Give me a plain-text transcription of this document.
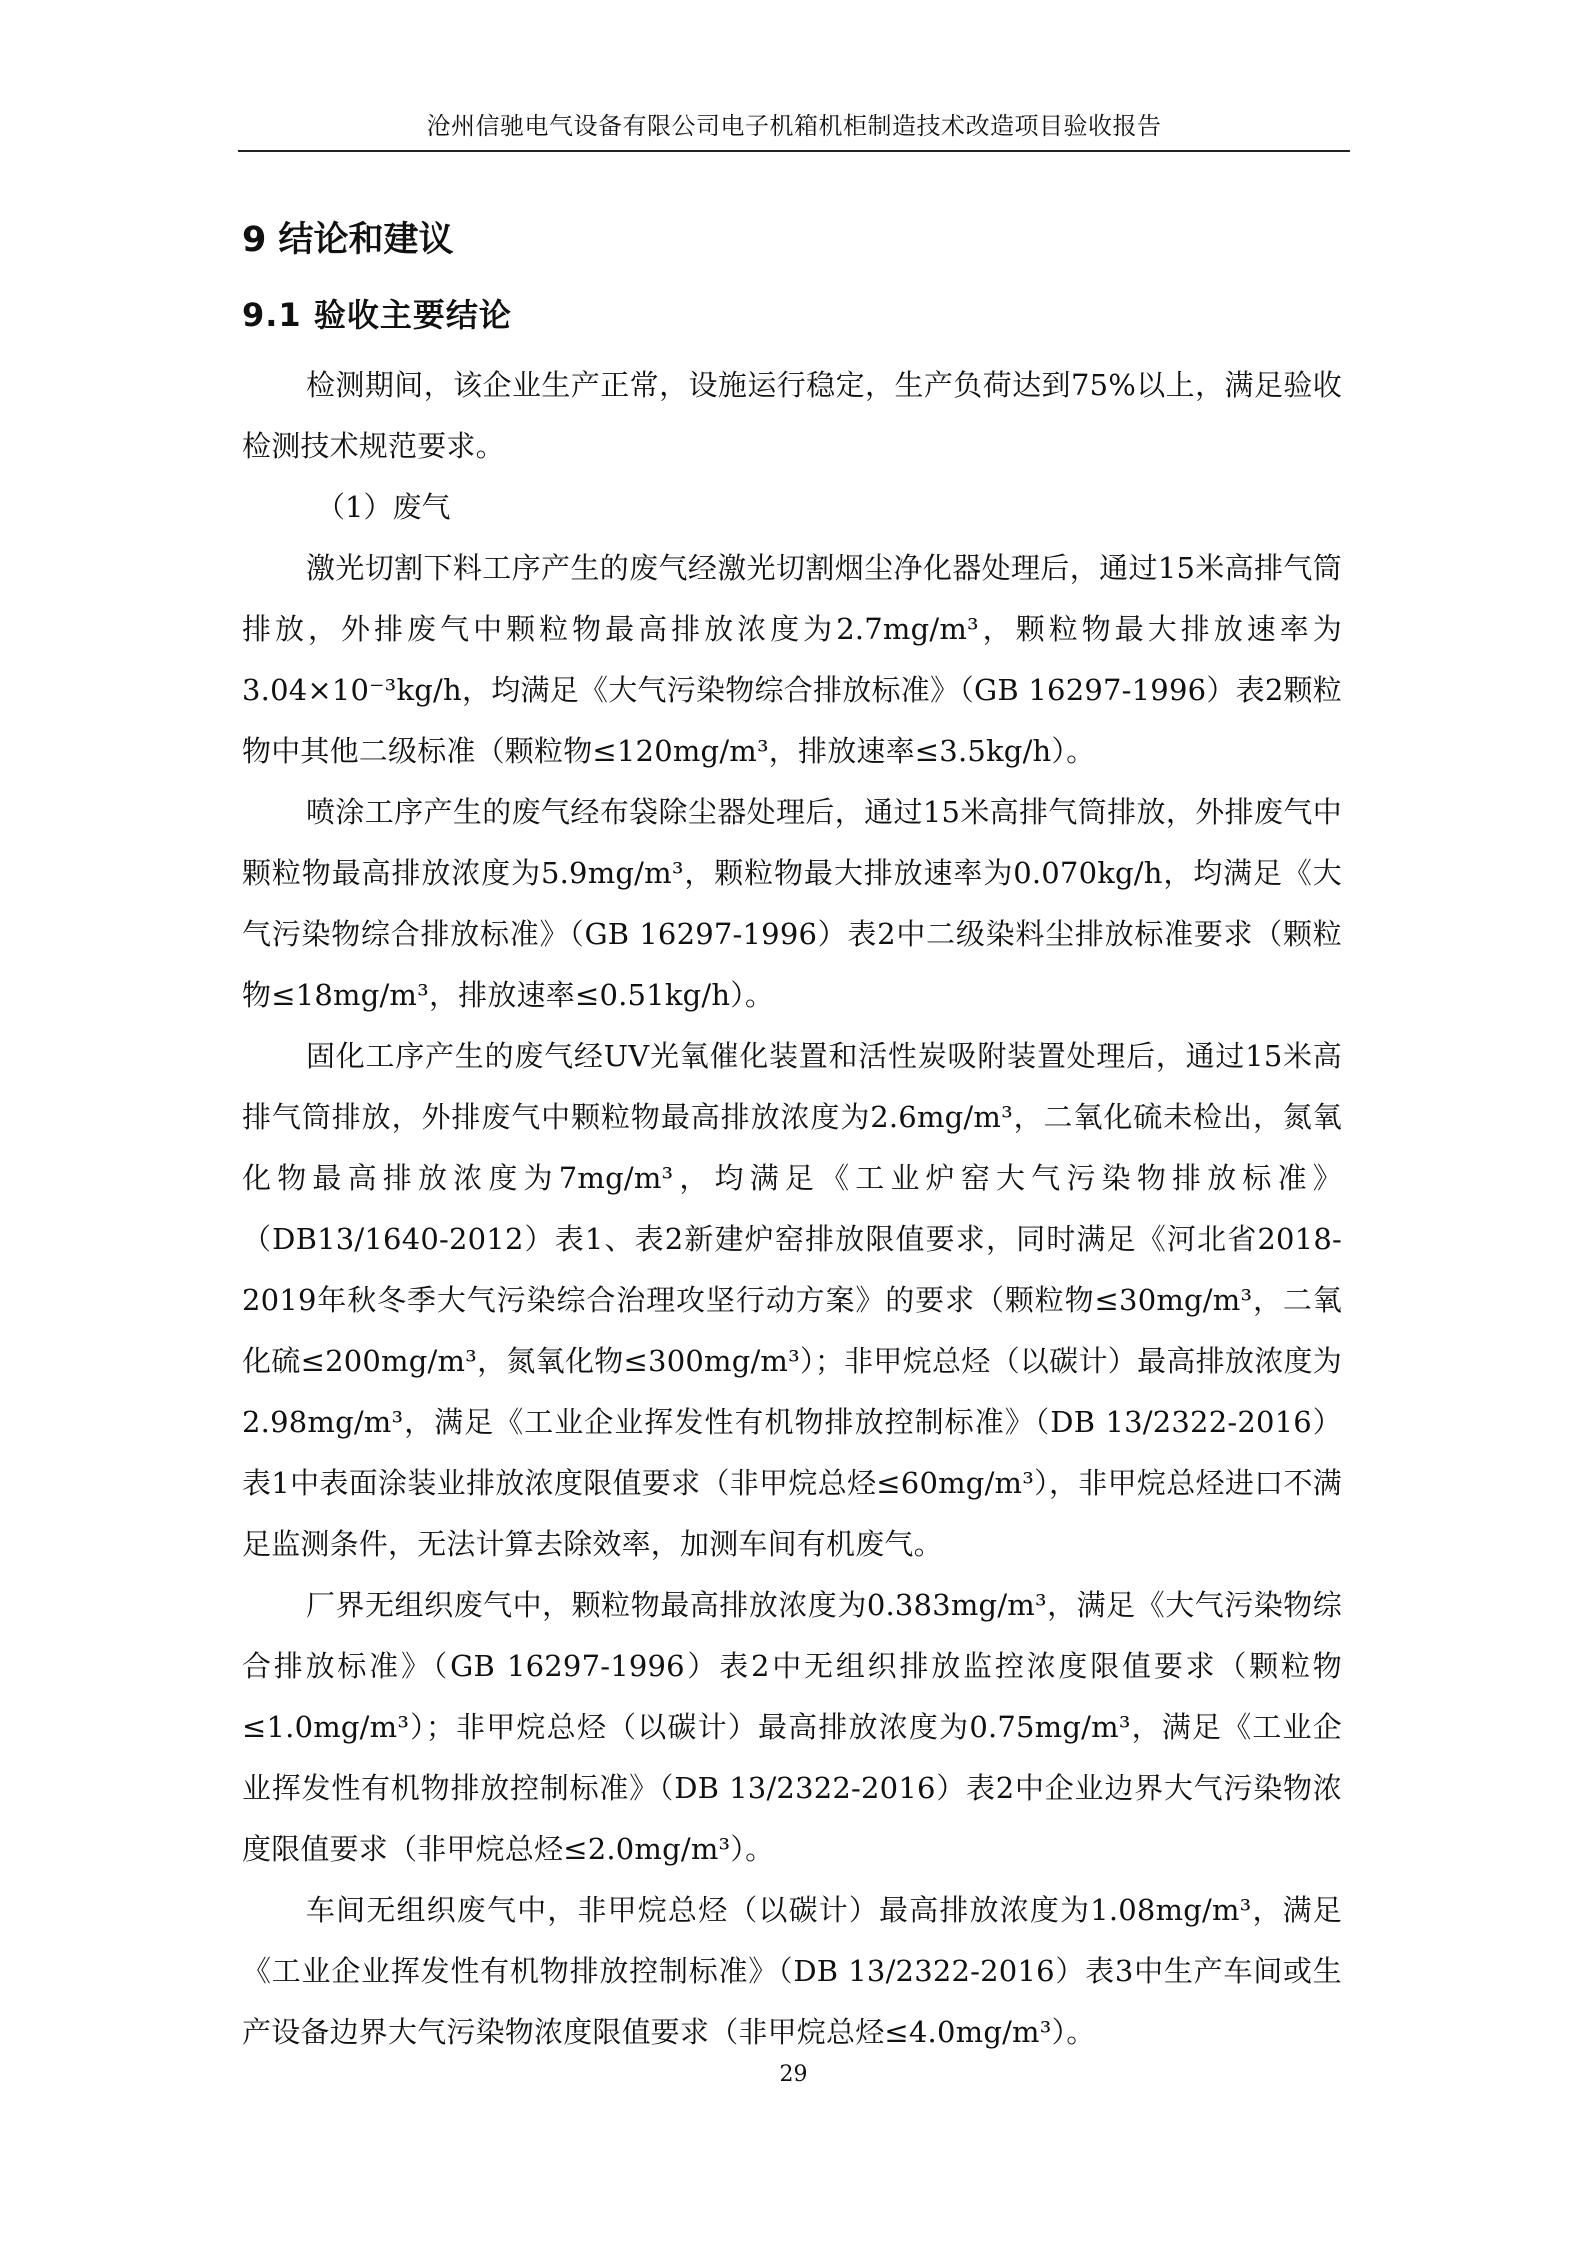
沧州信驰电气设备有限公司电子机箱机柜制造技术改造项目验收报告
9 结论和建议
9.1 验收主要结论

检测期间，该企业生产正常，设施运行稳定，生产负荷达到75%以上，满足验收检测技术规范要求。

（1）废气

激光切割下料工序产生的废气经激光切割烟尘净化器处理后，通过15米高排气筒排放，外排废气中颗粒物最高排放浓度为2.7mg/m³，颗粒物最大排放速率为3.04×10⁻³kg/h，均满足《大气污染物综合排放标准》（GB 16297-1996）表2颗粒物中其他二级标准（颗粒物≤120mg/m³，排放速率≤3.5kg/h）。

喷涂工序产生的废气经布袋除尘器处理后，通过15米高排气筒排放，外排废气中颗粒物最高排放浓度为5.9mg/m³，颗粒物最大排放速率为0.070kg/h，均满足《大气污染物综合排放标准》（GB 16297-1996）表2中二级染料尘排放标准要求（颗粒物≤18mg/m³，排放速率≤0.51kg/h）。

固化工序产生的废气经UV光氧催化装置和活性炭吸附装置处理后，通过15米高排气筒排放，外排废气中颗粒物最高排放浓度为2.6mg/m³，二氧化硫未检出，氮氧化物最高排放浓度为7mg/m³，均满足《工业炉窑大气污染物排放标准》（DB13/1640-2012）表1、表2新建炉窑排放限值要求，同时满足《河北省2018-2019年秋冬季大气污染综合治理攻坚行动方案》的要求（颗粒物≤30mg/m³，二氧化硫≤200mg/m³，氮氧化物≤300mg/m³）；非甲烷总烃（以碳计）最高排放浓度为2.98mg/m³，满足《工业企业挥发性有机物排放控制标准》（DB 13/2322-2016）表1中表面涂装业排放浓度限值要求（非甲烷总烃≤60mg/m³），非甲烷总烃进口不满足监测条件，无法计算去除效率，加测车间有机废气。

厂界无组织废气中，颗粒物最高排放浓度为0.383mg/m³，满足《大气污染物综合排放标准》（GB 16297-1996）表2中无组织排放监控浓度限值要求（颗粒物≤1.0mg/m³）；非甲烷总烃（以碳计）最高排放浓度为0.75mg/m³，满足《工业企业挥发性有机物排放控制标准》（DB 13/2322-2016）表2中企业边界大气污染物浓度限值要求（非甲烷总烃≤2.0mg/m³）。

车间无组织废气中，非甲烷总烃（以碳计）最高排放浓度为1.08mg/m³，满足《工业企业挥发性有机物排放控制标准》（DB 13/2322-2016）表3中生产车间或生产设备边界大气污染物浓度限值要求（非甲烷总烃≤4.0mg/m³）。

29
